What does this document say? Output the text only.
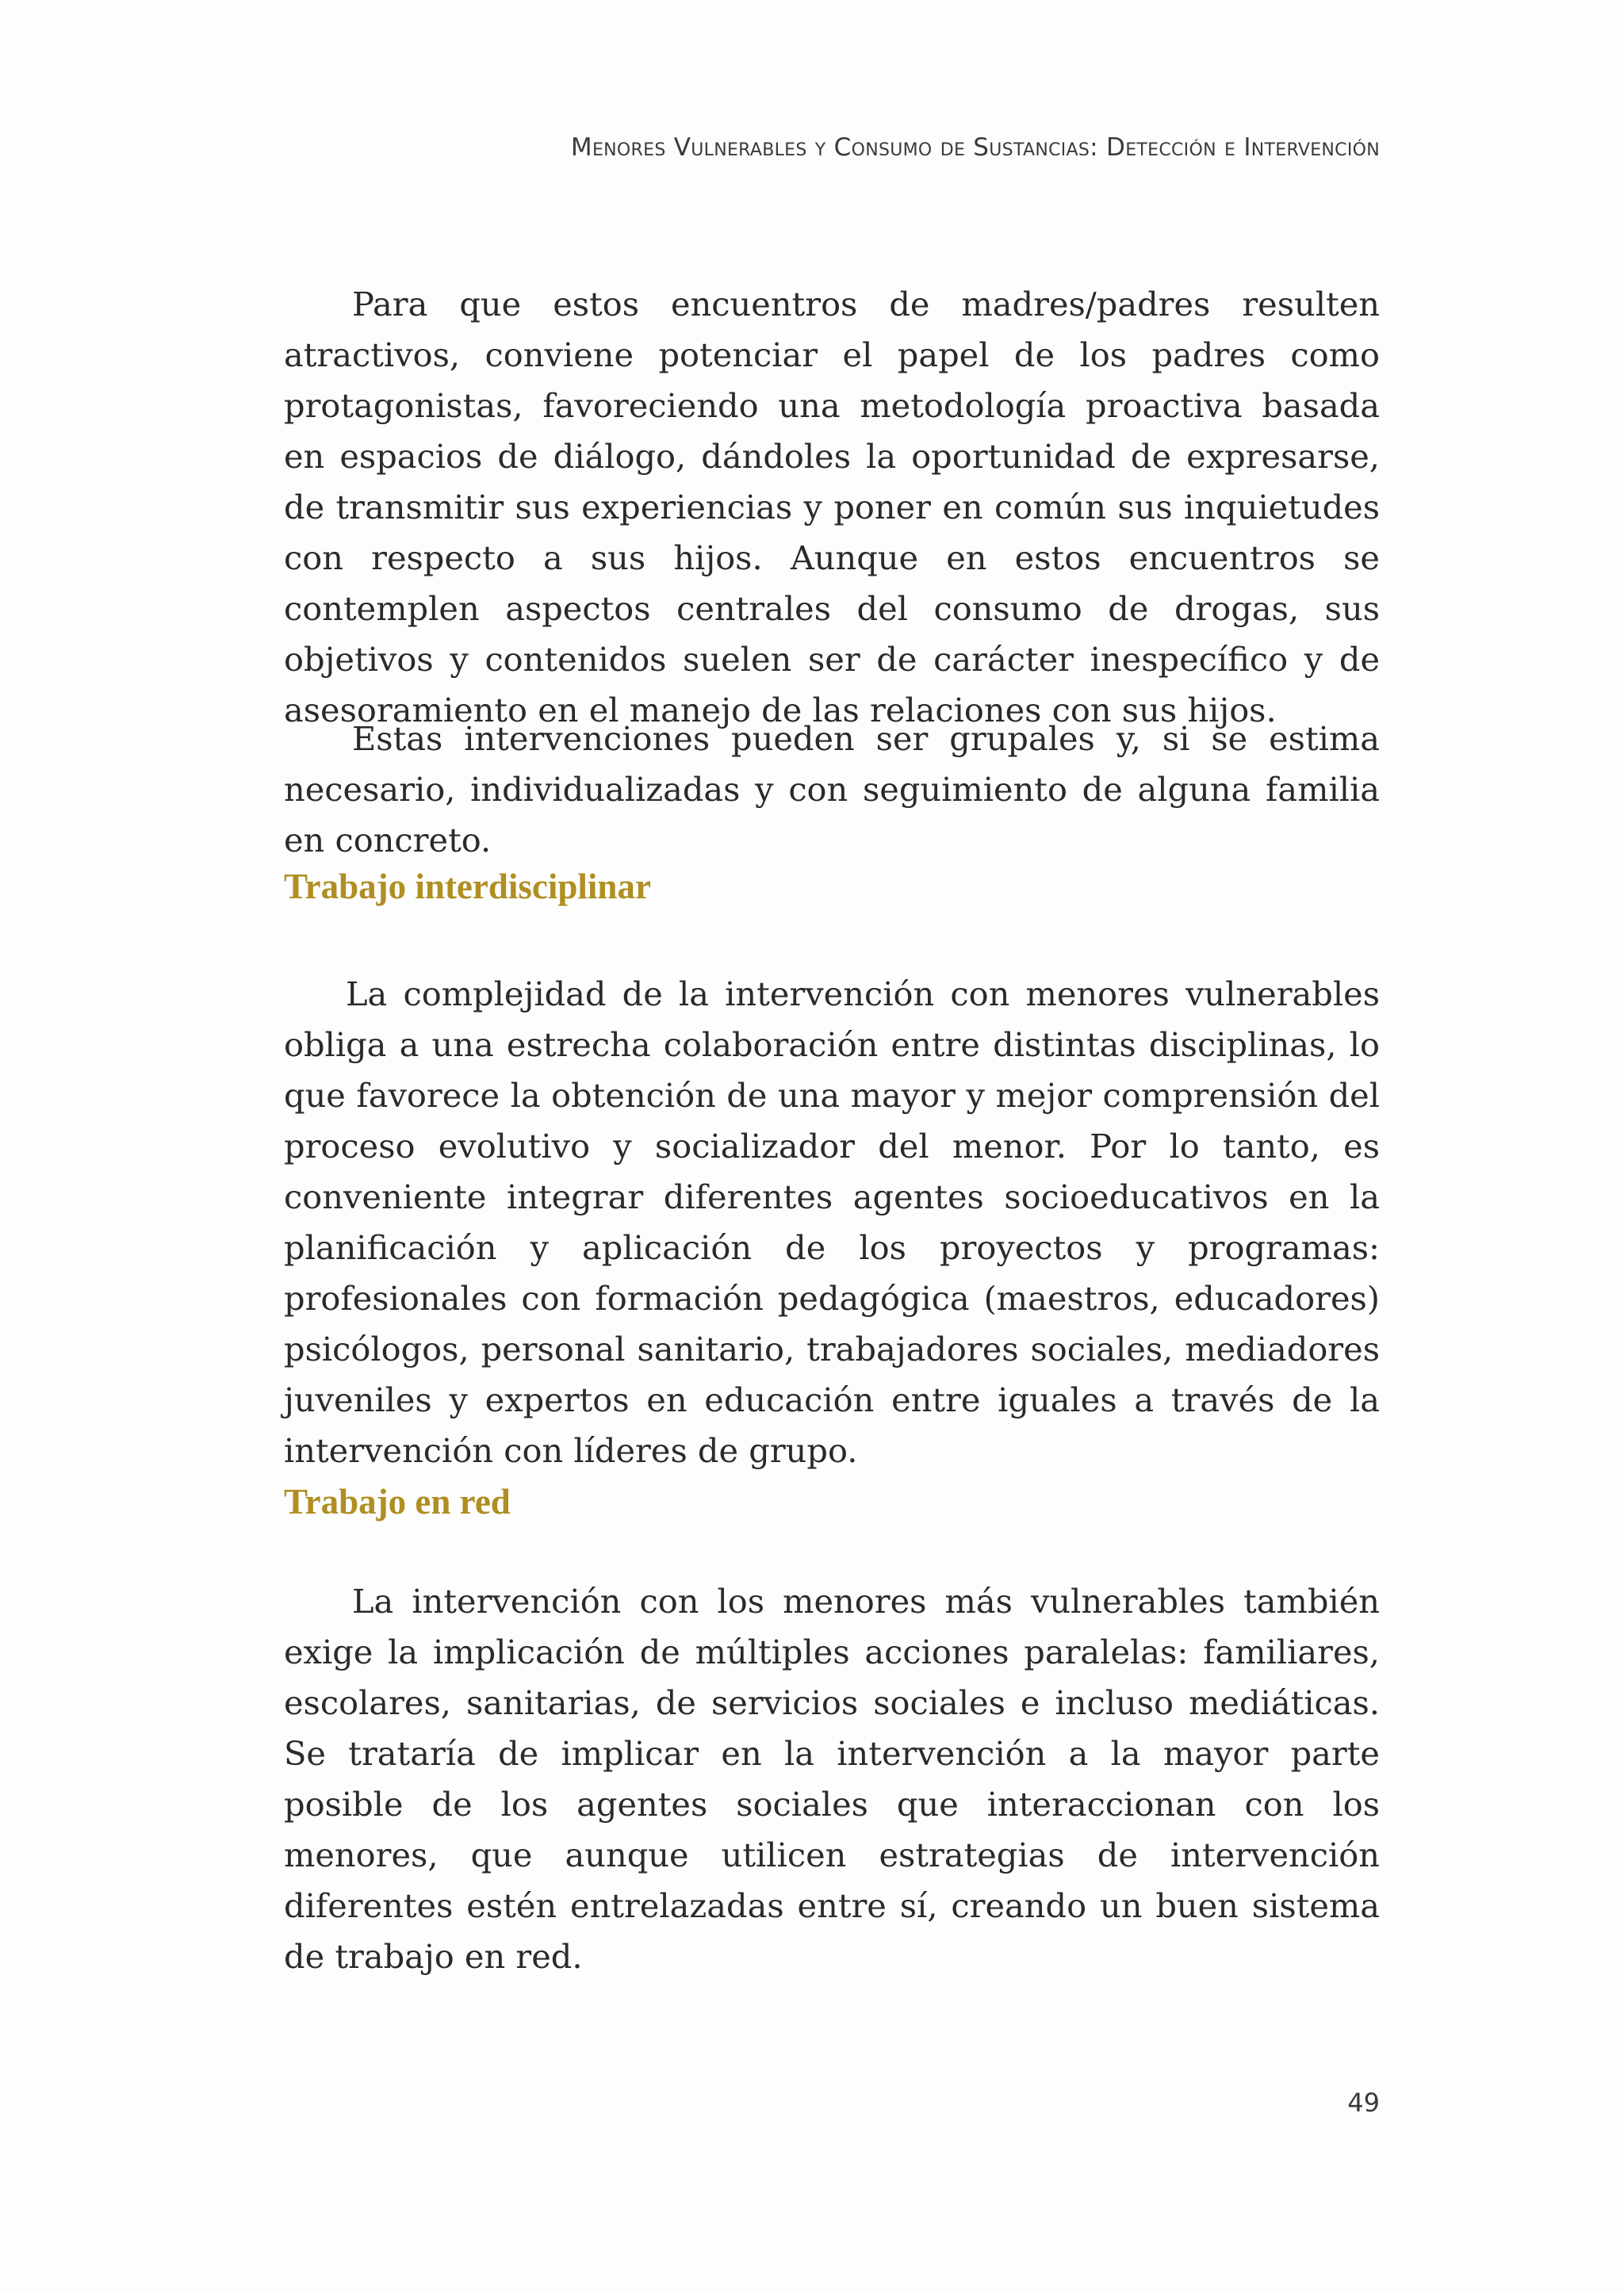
Menores Vulnerables y Consumo de Sustancias: Detección e Intervención

Para que estos encuentros de madres/padres resulten atractivos, conviene potenciar el papel de los padres como protagonistas, favoreciendo una metodología proactiva basada en espacios de diálogo, dándoles la oportunidad de expresarse, de transmitir sus experiencias y poner en común sus inquietudes con respecto a sus hijos. Aunque en estos encuentros se contemplen aspectos centrales del consumo de drogas, sus objetivos y contenidos suelen ser de carácter inespecífico y de asesoramiento en el manejo de las relaciones con sus hijos.

Estas intervenciones pueden ser grupales y, si se estima necesario, individualizadas y con seguimiento de alguna familia en concreto.

Trabajo interdisciplinar

La complejidad de la intervención con menores vulnerables obliga a una estrecha colaboración entre distintas disciplinas, lo que favorece la obtención de una mayor y mejor comprensión del proceso evolutivo y socializador del menor. Por lo tanto, es conveniente integrar diferentes agentes socioeducativos en la planificación y aplicación de los proyectos y programas: profesionales con formación pedagógica (maestros, educadores) psicólogos, personal sanitario, trabajadores sociales, mediadores juveniles y expertos en educación entre iguales a través de la intervención con líderes de grupo.

Trabajo en red

La intervención con los menores más vulnerables también exige la implicación de múltiples acciones paralelas: familiares, escolares, sanitarias, de servicios sociales e incluso mediáticas. Se trataría de implicar en la intervención a la mayor parte posible de los agentes sociales que interaccionan con los menores, que aunque utilicen estrategias de intervención diferentes estén entrelazadas entre sí, creando un buen sistema de trabajo en red.

49
